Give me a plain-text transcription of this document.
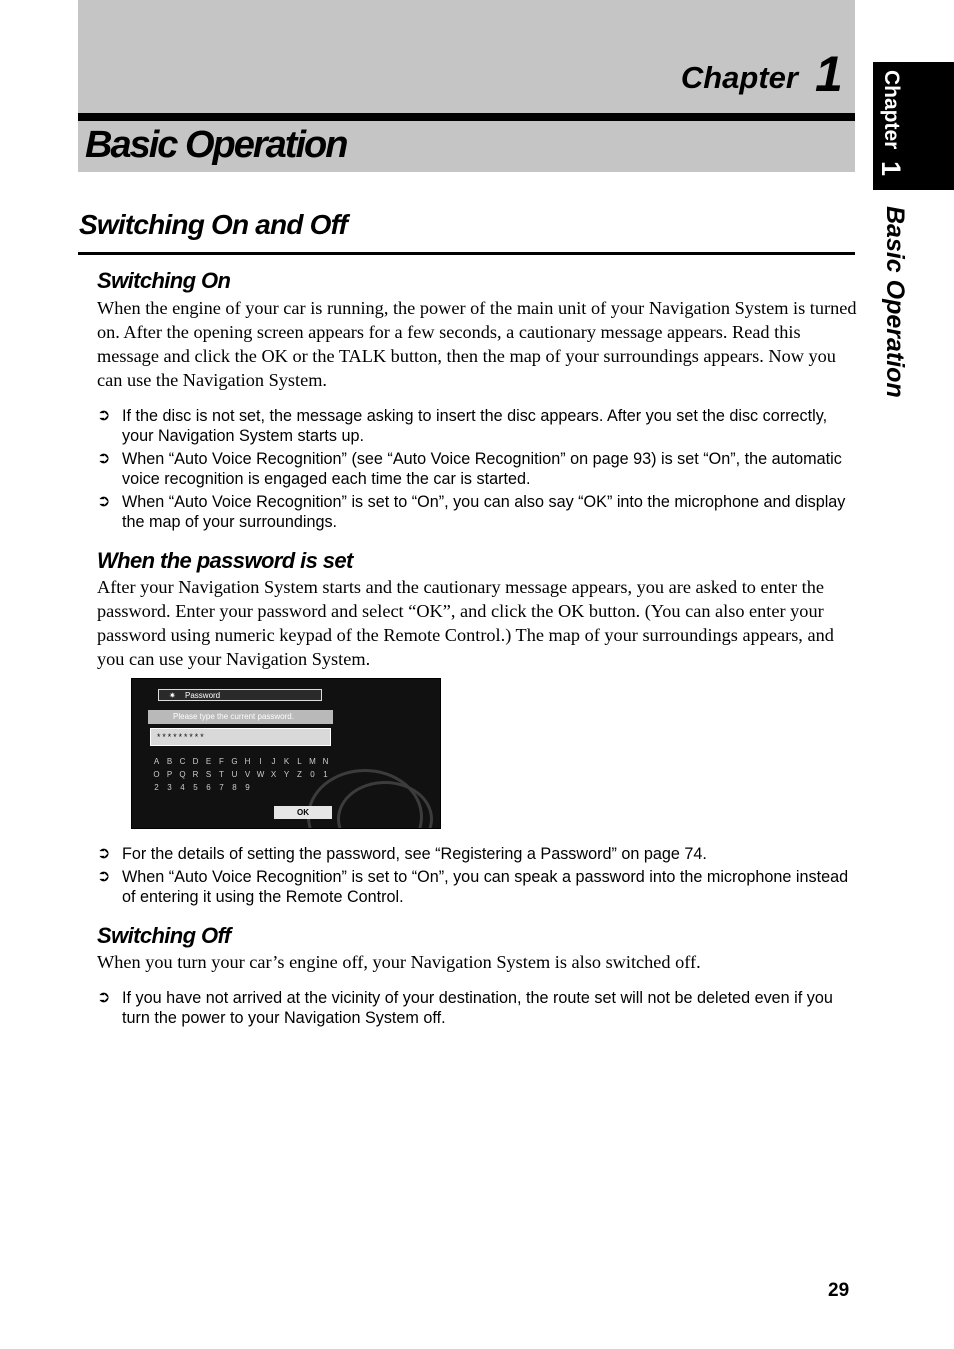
Chapter 1
Basic Operation	Chapter 1
Basic Operation
Switching On and Off
Switching On
When the engine of your car is running, the power of the main unit of your Navigation System is turned on. After the opening screen appears for a few seconds, a cautionary message appears. Read this message and click the OK or the TALK button, then the map of your surroundings appears. Now you can use the Navigation System.
➲ If the disc is not set, the message asking to insert the disc appears. After you set the disc correctly, your Navigation System starts up.
➲ When “Auto Voice Recognition” (see “Auto Voice Recognition” on page 93) is set “On”, the automatic voice recognition is engaged each time the car is started.
➲ When “Auto Voice Recognition” is set to “On”, you can also say “OK” into the microphone and display the map of your surroundings.
When the password is set
After your Navigation System starts and the cautionary message appears, you are asked to enter the password. Enter your password and select “OK”, and click the OK button. (You can also enter your password using numeric keypad of the Remote Control.) The map of your surroundings appears, and you can use your Navigation System.
✷ Password
Please type the current password.
*********
A B C D E F G H	I	J	K	L M N
O P Q R S T U V W X Y Z	0	1
2	3	4	5	6	7	8	9
OK
➲ For the details of setting the password, see “Registering a Password” on page 74.
➲ When “Auto Voice Recognition” is set to “On”, you can speak a password into the microphone instead of entering it using the Remote Control.
Switching Off
When you turn your car’s engine off, your Navigation System is also switched off.
➲ If you have not arrived at the vicinity of your destination, the route set will not be deleted even if you turn the power to your Navigation System off.
29
